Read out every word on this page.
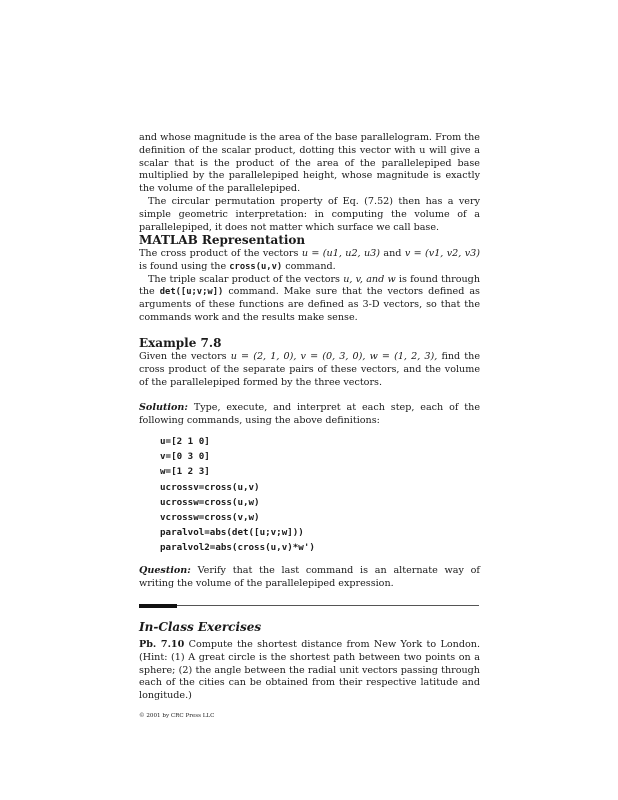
and whose magnitude is the area of the base parallelogram. From the definition of the scalar product, dotting this vector with u will give a scalar that is the product of the area of the parallelepiped base multiplied by the parallelepiped height, whose magnitude is exactly the volume of the parallelepiped.

The circular permutation property of Eq. (7.52) then has a very simple geometric interpretation: in computing the volume of a parallelepiped, it does not matter which surface we call base.

MATLAB Representation

The cross product of the vectors u = (u1, u2, u3) and v = (v1, v2, v3) is found using the cross(u,v) command.

The triple scalar product of the vectors u, v, and w is found through the det([u;v;w]) command. Make sure that the vectors defined as arguments of these functions are defined as 3-D vectors, so that the commands work and the results make sense.

Example 7.8

Given the vectors u = (2, 1, 0), v = (0, 3, 0), w = (1, 2, 3), find the cross product of the separate pairs of these vectors, and the volume of the parallelepiped formed by the three vectors.

Solution: Type, execute, and interpret at each step, each of the following commands, using the above definitions:

u=[2 1 0]
v=[0 3 0]
w=[1 2 3]
ucrossv=cross(u,v)
ucrossw=cross(u,w)
vcrossw=cross(v,w)
paralvol=abs(det([u;v;w]))
paralvol2=abs(cross(u,v)*w')

Question: Verify that the last command is an alternate way of writing the volume of the parallelepiped expression.

In-Class Exercises

Pb. 7.10 Compute the shortest distance from New York to London. (Hint: (1) A great circle is the shortest path between two points on a sphere; (2) the angle between the radial unit vectors passing through each of the cities can be obtained from their respective latitude and longitude.)

© 2001 by CRC Press LLC
